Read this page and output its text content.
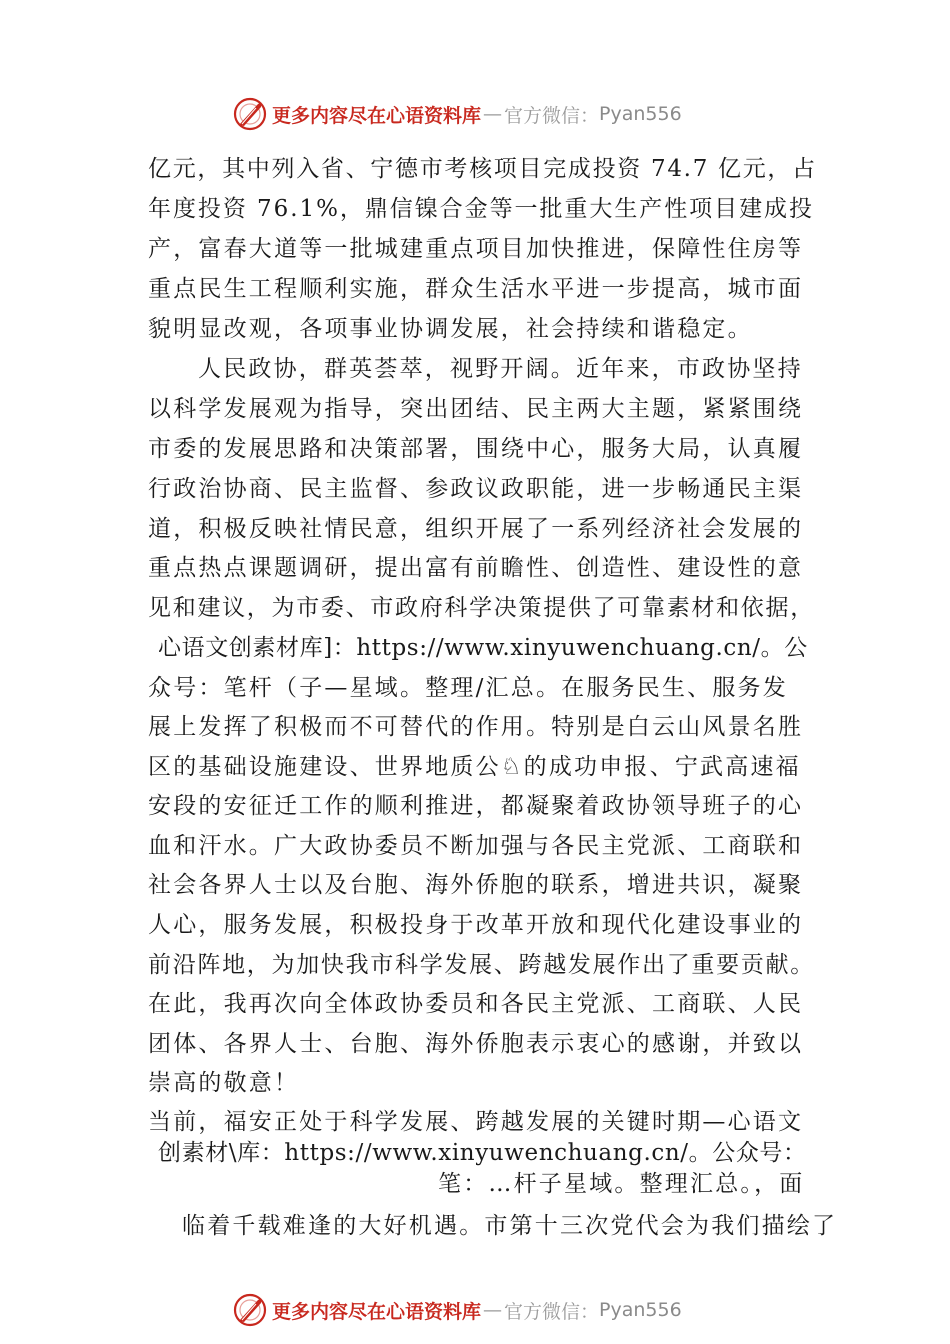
更多内容尽在心语资料库 — 官方微信： Pyan556
亿元，其中列入省、宁德市考核项目完成投资 74.7 亿元，占
年度投资 76.1%，鼎信镍合金等一批重大生产性项目建成投
产，富春大道等一批城建重点项目加快推进，保障性住房等
重点民生工程顺利实施，群众生活水平进一步提高，城市面
貌明显改观，各项事业协调发展，社会持续和谐稳定。
人民政协，群英荟萃，视野开阔。近年来，市政协坚持
以科学发展观为指导，突出团结、民主两大主题，紧紧围绕
市委的发展思路和决策部署，围绕中心，服务大局，认真履
行政治协商、民主监督、参政议政职能，进一步畅通民主渠
道，积极反映社情民意，组织开展了一系列经济社会发展的
重点热点课题调研，提出富有前瞻性、创造性、建设性的意
见和建议，为市委、市政府科学决策提供了可靠素材和依据，
心语文创素材库]：https://www.xinyuwenchuang.cn/。公
众号：笔杆（子—星域。整理/汇总。在服务民生、服务发
展上发挥了积极而不可替代的作用。特别是白云山风景名胜
区的基础设施建设、世界地质公♘的成功申报、宁武高速福
安段的安征迁工作的顺利推进，都凝聚着政协领导班子的心
血和汗水。广大政协委员不断加强与各民主党派、工商联和
社会各界人士以及台胞、海外侨胞的联系，增进共识，凝聚
人心，服务发展，积极投身于改革开放和现代化建设事业的
前沿阵地，为加快我市科学发展、跨越发展作出了重要贡献。
在此，我再次向全体政协委员和各民主党派、工商联、人民
团体、各界人士、台胞、海外侨胞表示衷心的感谢，并致以
崇高的敬意！
当前，福安正处于科学发展、跨越发展的关键时期—心语文
创素材\库：https://www.xinyuwenchuang.cn/。公众号：
笔：…杆子星域。整理汇总。，面
临着千载难逢的大好机遇。市第十三次党代会为我们描绘了
更多内容尽在心语资料库 — 官方微信： Pyan556
